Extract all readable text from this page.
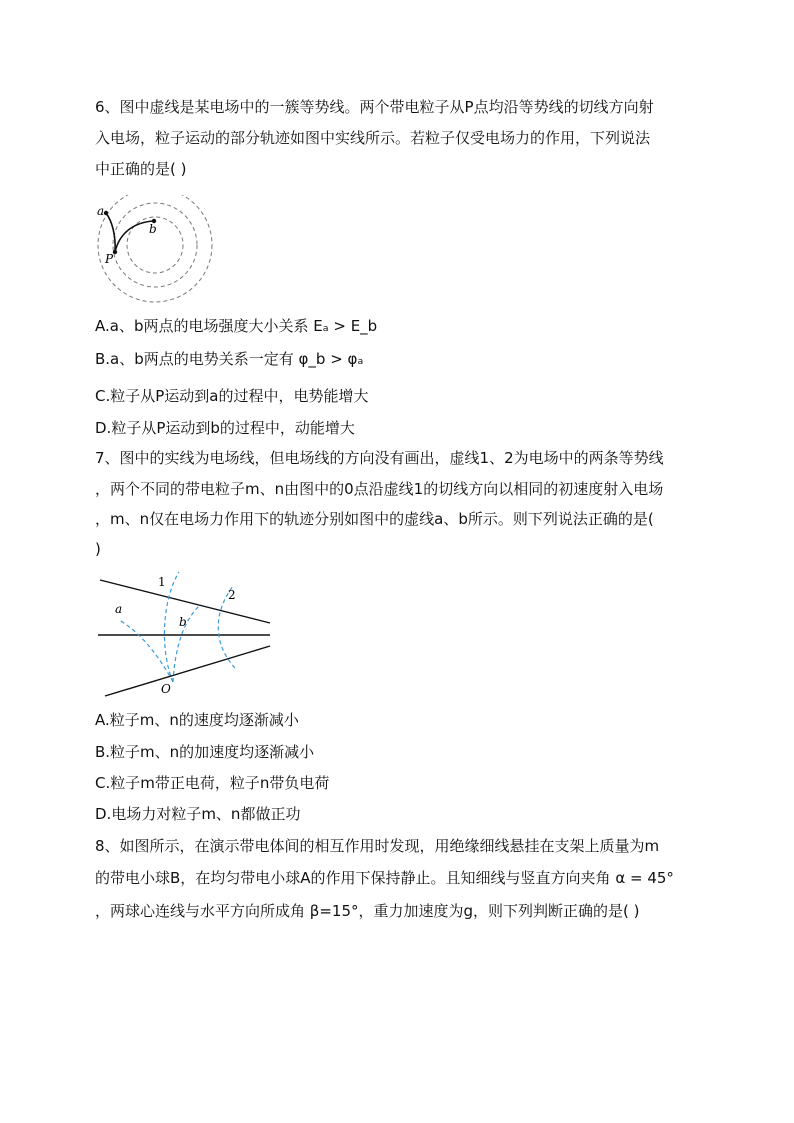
6、图中虚线是某电场中的一簇等势线。两个带电粒子从P点均沿等势线的切线方向射
入电场，粒子运动的部分轨迹如图中实线所示。若粒子仅受电场力的作用，下列说法
中正确的是( )
a
b
P
A.a、b两点的电场强度大小关系 Eₐ > E_b
B.a、b两点的电势关系一定有 φ_b > φₐ
C.粒子从P运动到a的过程中，电势能增大
D.粒子从P运动到b的过程中，动能增大
7、图中的实线为电场线，但电场线的方向没有画出，虚线1、2为电场中的两条等势线
，两个不同的带电粒子m、n由图中的0点沿虚线1的切线方向以相同的初速度射入电场
，m、n仅在电场力作用下的轨迹分别如图中的虚线a、b所示。则下列说法正确的是(
)
1
2
a
b
O
A.粒子m、n的速度均逐渐减小
B.粒子m、n的加速度均逐渐减小
C.粒子m带正电荷，粒子n带负电荷
D.电场力对粒子m、n都做正功
8、如图所示，在演示带电体间的相互作用时发现，用绝缘细线悬挂在支架上质量为m
的带电小球B，在均匀带电小球A的作用下保持静止。且知细线与竖直方向夹角 α = 45°
，两球心连线与水平方向所成角 β=15°，重力加速度为g，则下列判断正确的是( )
